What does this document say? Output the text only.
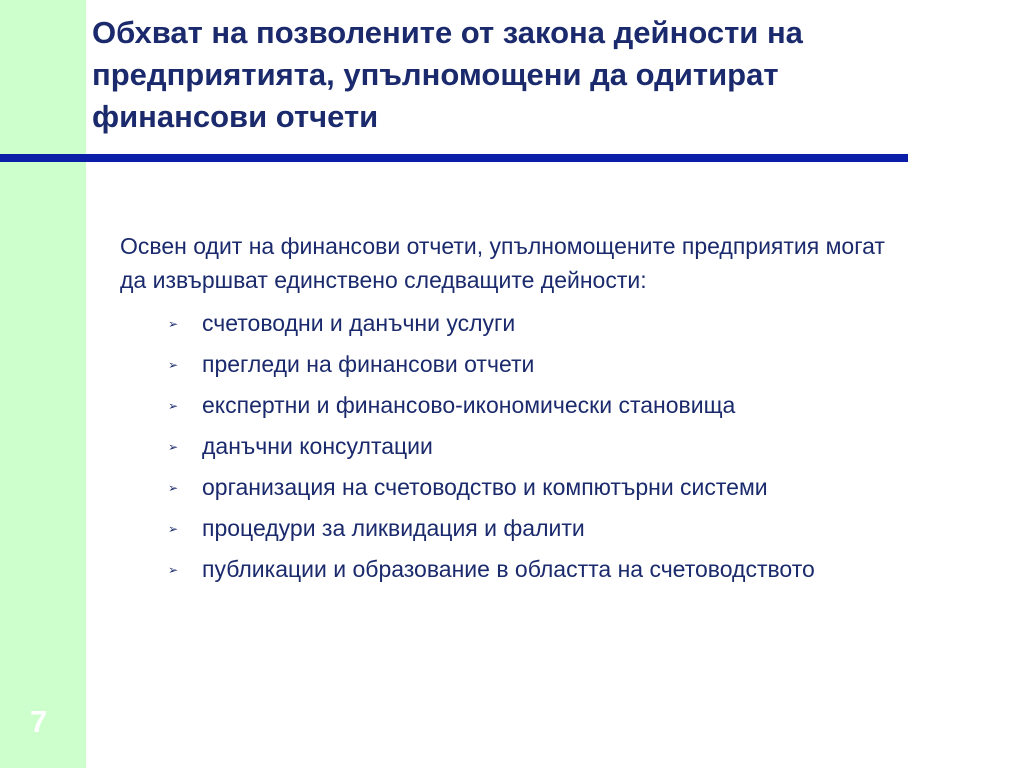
Обхват на позволените от закона дейности на предприятията, упълномощени да одитират финансови отчети

Освен одит на финансови отчети, упълномощените предприятия могат да извършват единствено следващите дейности:

➢	счетоводни и данъчни услуги
➢	прегледи на финансови отчети
➢	експертни и финансово-икономически становища
➢	данъчни консултации
➢	организация на счетоводство и компютърни системи
➢	процедури за ликвидация и фалити
➢	публикации и образование в областта на счетоводството
7
